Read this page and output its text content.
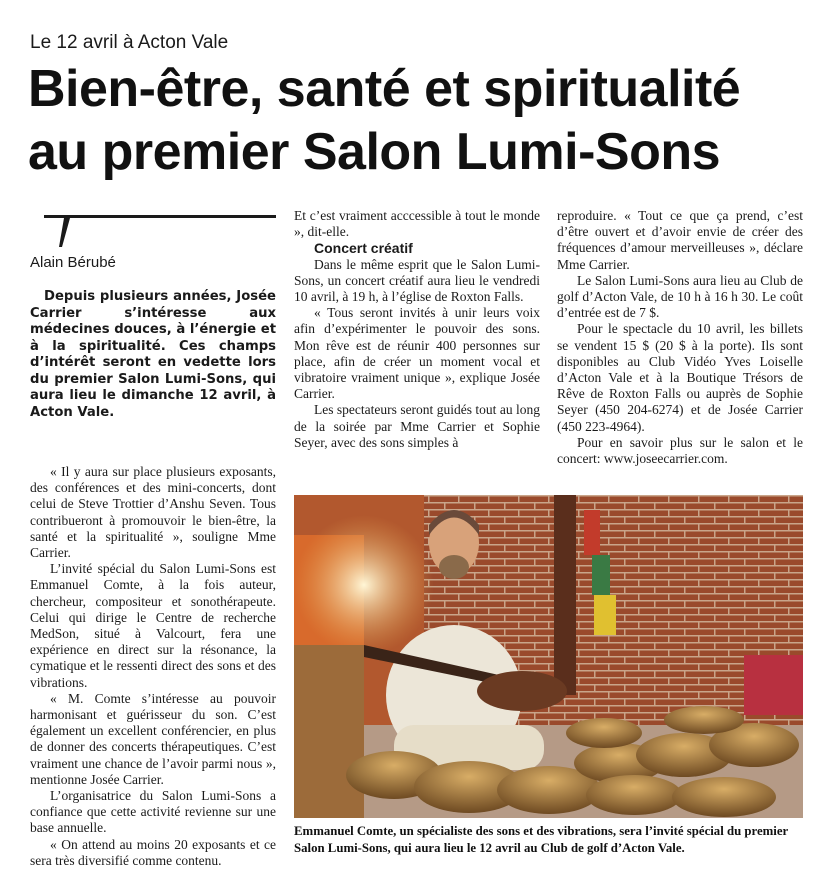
Le 12 avril à Acton Vale
Bien-être, santé et spiritualité
au premier Salon Lumi-Sons
Alain Bérubé

Depuis plusieurs années, Josée Carrier s’intéresse aux médecines douces, à l’énergie et à la spiritualité. Ces champs d’intérêt seront en vedette lors du premier Salon Lumi-Sons, qui aura lieu le dimanche 12 avril, à Acton Vale.

« Il y aura sur place plusieurs exposants, des conférences et des mini-concerts, dont celui de Steve Trottier d’Anshu Seven. Tous contribueront à promouvoir le bien-être, la santé et la spiritualité », souligne Mme Carrier.

L’invité spécial du Salon Lumi-Sons est Emmanuel Comte, à la fois auteur, chercheur, compositeur et sonothérapeute. Celui qui dirige le Centre de recherche MedSon, situé à Valcourt, fera une expérience en direct sur la résonance, la cymatique et le ressenti direct des sons et des vibrations.

« M. Comte s’intéresse au pouvoir harmonisant et guérisseur du son. C’est également un excellent conférencier, en plus de donner des concerts thérapeutiques. C’est vraiment une chance de l’avoir parmi nous », mentionne Josée Carrier.

L’organisatrice du Salon Lumi-Sons a confiance que cette activité revienne sur une base annuelle.

« On attend au moins 20 exposants et ce sera très diversifié comme contenu.

Et c’est vraiment acccessible à tout le monde », dit-elle.

Concert créatif

Dans le même esprit que le Salon Lumi-Sons, un concert créatif aura lieu le vendredi 10 avril, à 19 h, à l’église de Roxton Falls.

« Tous seront invités à unir leurs voix afin d’expérimenter le pouvoir des sons. Mon rêve est de réunir 400 personnes sur place, afin de créer un moment vocal et vibratoire vraiment unique », explique Josée Carrier.

Les spectateurs seront guidés tout au long de la soirée par Mme Carrier et Sophie Seyer, avec des sons simples à

reproduire. « Tout ce que ça prend, c’est d’être ouvert et d’avoir envie de créer des fréquences d’amour merveilleuses », déclare Mme Carrier.

Le Salon Lumi-Sons aura lieu au Club de golf d’Acton Vale, de 10 h à 16 h 30. Le coût d’entrée est de 7 $.

Pour le spectacle du 10 avril, les billets se vendent 15 $ (20 $ à la porte). Ils sont disponibles au Club Vidéo Yves Loiselle d’Acton Vale et à la Boutique Trésors de Rêve de Roxton Falls ou auprès de Sophie Seyer (450 204-6274) et de Josée Carrier (450 223-4964).

Pour en savoir plus sur le salon et le concert: www.joseecarrier.com.

Emmanuel Comte, un spécialiste des sons et des vibrations, sera l’invité spécial du premier Salon Lumi-Sons, qui aura lieu le 12 avril au Club de golf d’Acton Vale.
